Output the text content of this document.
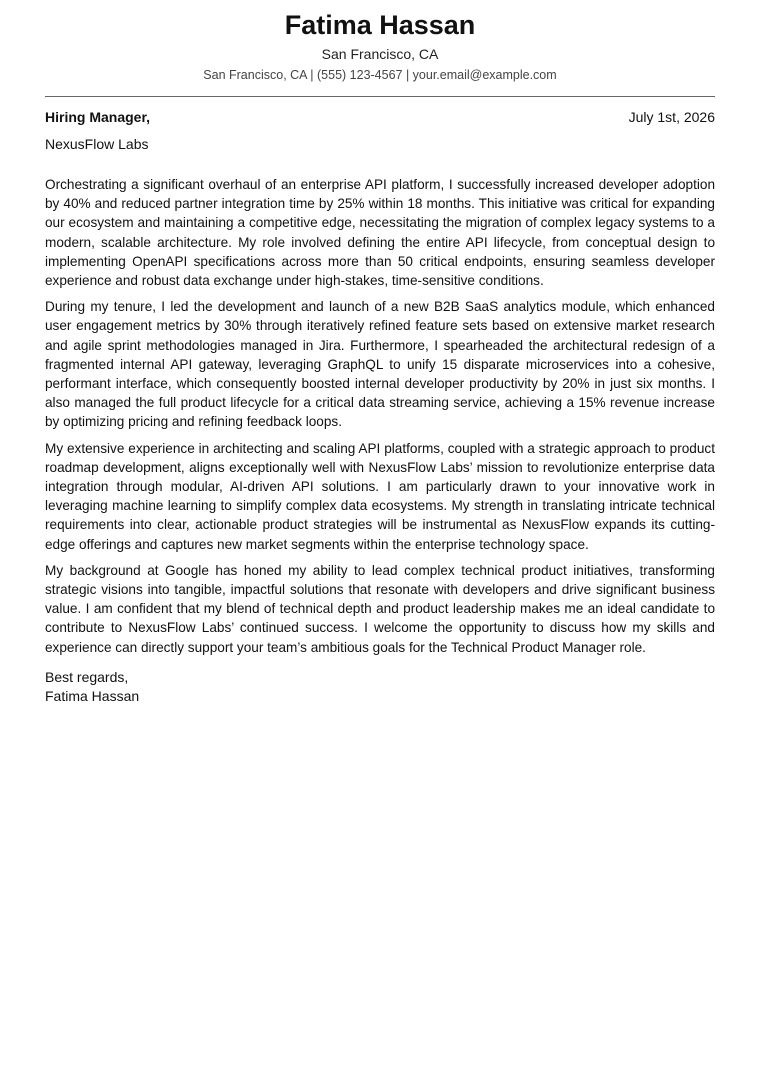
Fatima Hassan
San Francisco, CA
San Francisco, CA | (555) 123-4567 | your.email@example.com
Hiring Manager,	July 1st, 2026
NexusFlow Labs

Orchestrating a significant overhaul of an enterprise API platform, I successfully increased developer adoption by 40% and reduced partner integration time by 25% within 18 months. This initiative was critical for expanding our ecosystem and maintaining a competitive edge, necessitating the migration of complex legacy systems to a modern, scalable architecture. My role involved defining the entire API lifecycle, from conceptual design to implementing OpenAPI specifications across more than 50 critical endpoints, ensuring seamless developer experience and robust data exchange under high-stakes, time-sensitive conditions.

During my tenure, I led the development and launch of a new B2B SaaS analytics module, which enhanced user engagement metrics by 30% through iteratively refined feature sets based on extensive market research and agile sprint methodologies managed in Jira. Furthermore, I spearheaded the architectural redesign of a fragmented internal API gateway, leveraging GraphQL to unify 15 disparate microservices into a cohesive, performant interface, which consequently boosted internal developer productivity by 20% in just six months. I also managed the full product lifecycle for a critical data streaming service, achieving a 15% revenue increase by optimizing pricing and refining feedback loops.

My extensive experience in architecting and scaling API platforms, coupled with a strategic approach to product roadmap development, aligns exceptionally well with NexusFlow Labs’ mission to revolutionize enterprise data integration through modular, AI-driven API solutions. I am particularly drawn to your innovative work in leveraging machine learning to simplify complex data ecosystems. My strength in translating intricate technical requirements into clear, actionable product strategies will be instrumental as NexusFlow expands its cutting-edge offerings and captures new market segments within the enterprise technology space.

My background at Google has honed my ability to lead complex technical product initiatives, transforming strategic visions into tangible, impactful solutions that resonate with developers and drive significant business value. I am confident that my blend of technical depth and product leadership makes me an ideal candidate to contribute to NexusFlow Labs’ continued success. I welcome the opportunity to discuss how my skills and experience can directly support your team’s ambitious goals for the Technical Product Manager role.

Best regards,
Fatima Hassan
